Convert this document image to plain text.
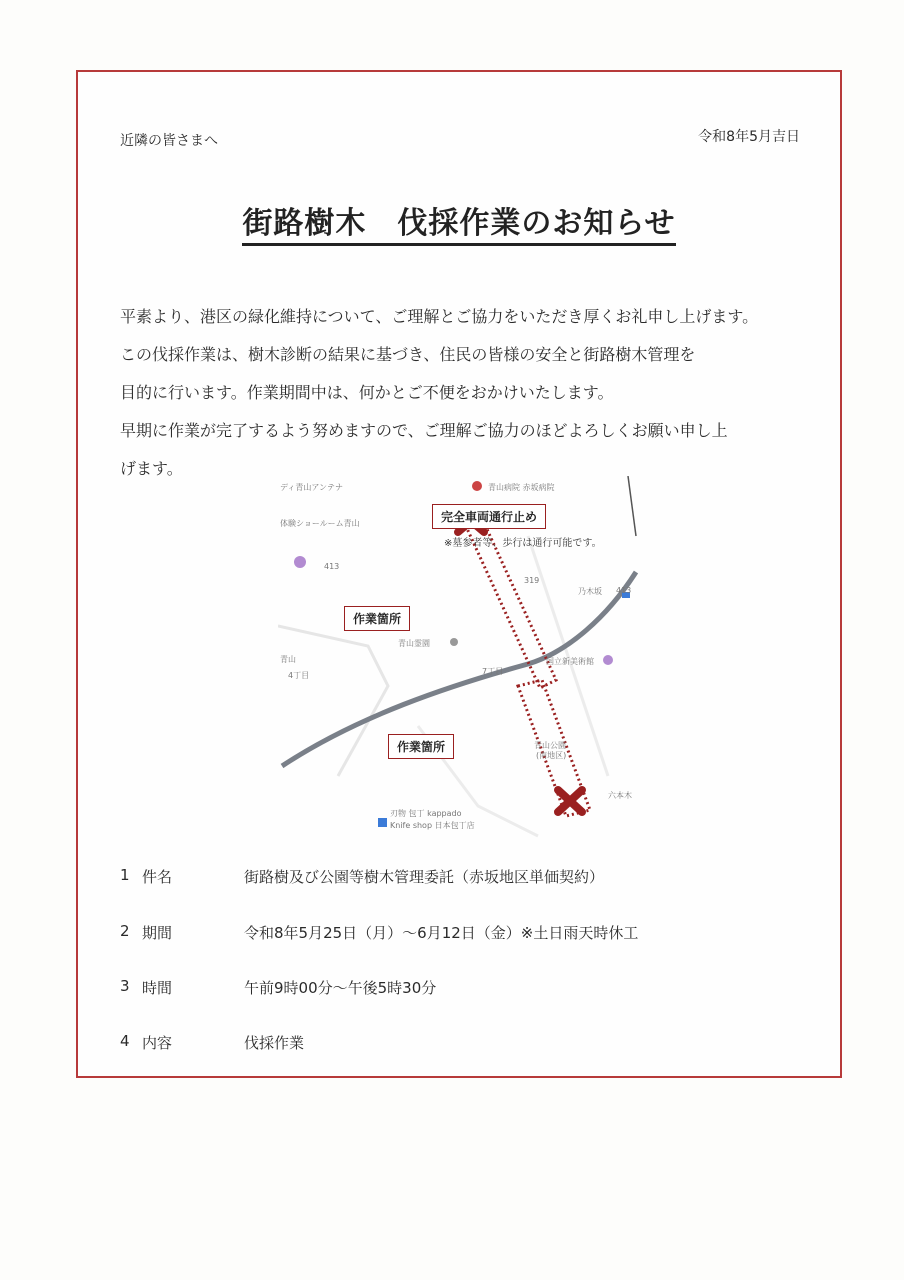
近隣の皆さまへ	令和8年5月吉日
街路樹木　伐採作業のお知らせ

平素より、港区の緑化維持について、ご理解とご協力をいただき厚くお礼申し上げます。

この伐採作業は、樹木診断の結果に基づき、住民の皆様の安全と街路樹木管理を

目的に行います。作業期間中は、何かとご不便をおかけいたします。

早期に作業が完了するよう努めますので、ご理解ご協力のほどよろしくお願い申し上

げます。

完全車両通行止め
※墓参者等、歩行は通行可能です。
作業箇所
作業箇所
ディ青山アンテナ	青山病院 赤坂病院
体験ショールーム青山
青山霊園
青山
4丁目
乃木坂
国立新美術館
青山公園
(南地区)
刃物 包丁 kappado
Knife shop 日本包丁店
7丁目
413
319
413
六本木
1 件名	街路樹及び公園等樹木管理委託（赤坂地区単価契約）
2 期間	令和8年5月25日（月）～6月12日（金）※土日雨天時休工
3 時間	午前9時00分～午後5時30分
4 内容	伐採作業
